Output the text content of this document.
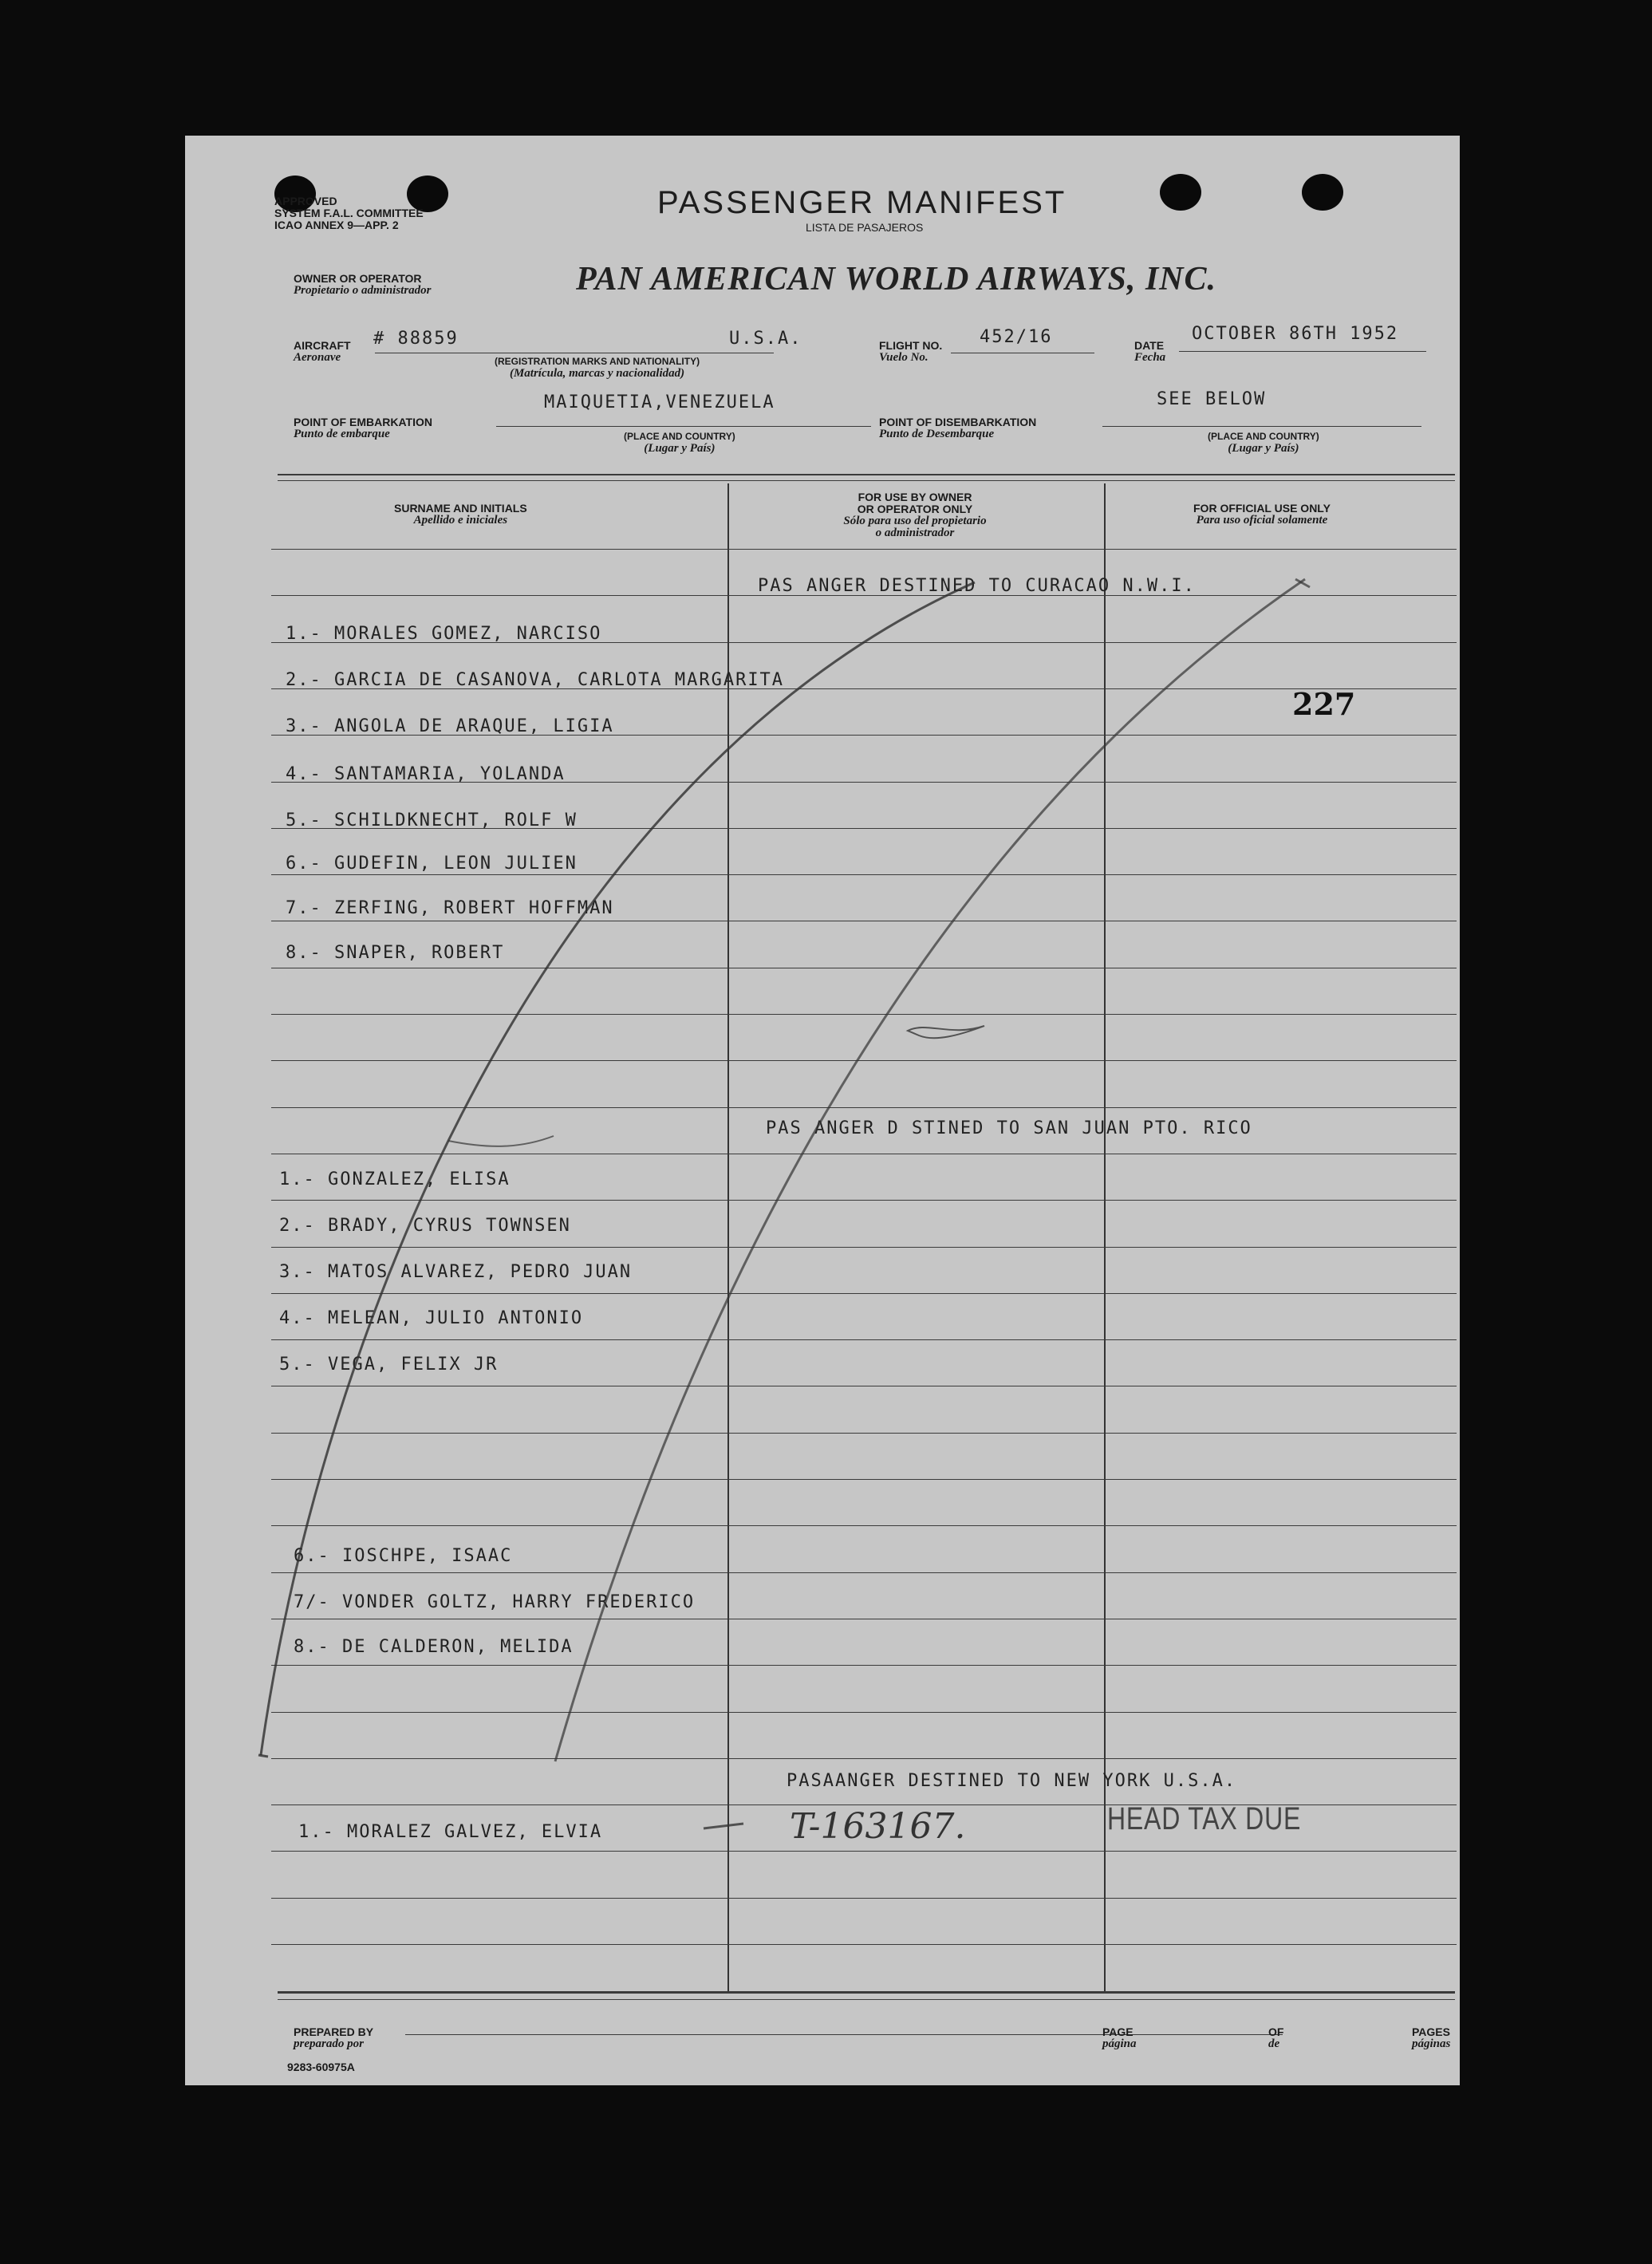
APPROVED
SYSTEM F.A.L. COMMITTEE
ICAO ANNEX 9—APP. 2
PASSENGER MANIFEST
LISTA DE PASAJEROS
OWNER OR OPERATOR
Propietario o administrador	PAN AMERICAN WORLD AIRWAYS, INC.
AIRCRAFT
Aeronave
# 88859	U.S.A.
(REGISTRATION MARKS AND NATIONALITY)
(Matrícula, marcas y nacionalidad)
FLIGHT NO.
Vuelo No.
452/16	DATE
Fecha
OCTOBER 86TH 1952
POINT OF EMBARKATION
Punto de embarque
MAIQUETIA,VENEZUELA
(PLACE AND COUNTRY)
(Lugar y País)
POINT OF DISEMBARKATION
Punto de Desembarque
SEE BELOW
(PLACE AND COUNTRY)
(Lugar y País)
SURNAME AND INITIALS
Apellido e iniciales
FOR USE BY OWNER
OR OPERATOR ONLY
Sólo para uso del propietario
o administrador
FOR OFFICIAL USE ONLY
Para uso oficial solamente
PAS ANGER DESTINED TO CURACAO N.W.I.
1.- MORALES GOMEZ, NARCISO
2.- GARCIA DE CASANOVA, CARLOTA MARGARITA
3.- ANGOLA DE ARAQUE, LIGIA
4.- SANTAMARIA, YOLANDA
5.- SCHILDKNECHT, ROLF W
6.- GUDEFIN, LEON JULIEN
7.- ZERFING, ROBERT HOFFMAN
8.- SNAPER, ROBERT
PAS ANGER D STINED TO SAN JUAN PTO. RICO
1.- GONZALEZ, ELISA
2.- BRADY, CYRUS TOWNSEN
3.- MATOS ALVAREZ, PEDRO JUAN
4.- MELEAN, JULIO ANTONIO
5.- VEGA, FELIX JR
6.- IOSCHPE, ISAAC
7/- VONDER GOLTZ, HARRY FREDERICO
8.- DE CALDERON, MELIDA
PASAANGER DESTINED TO NEW YORK U.S.A.
1.- MORALEZ GALVEZ, ELVIA
227
T-163167.	HEAD TAX DUE
PREPARED BY
preparado por
PAGE
página
OF
de
PAGES
páginas
9283-60975A
